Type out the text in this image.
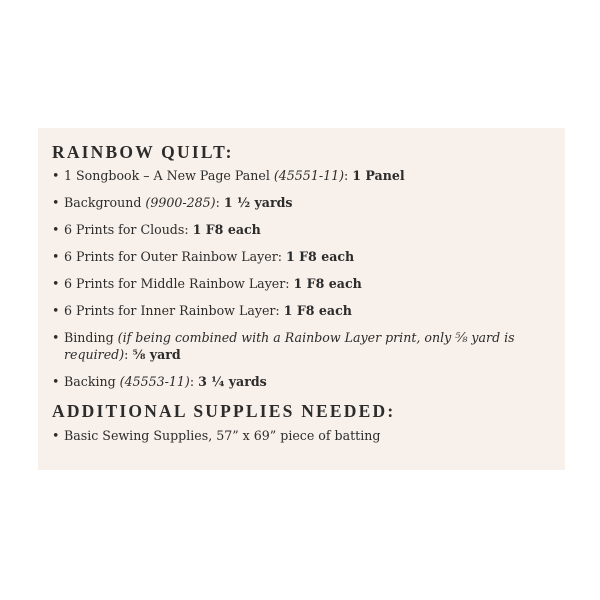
RAINBOW QUILT:
• 1 Songbook – A New Page Panel (45551-11): 1 Panel
• Background (9900-285): 1 ½ yards
• 6 Prints for Clouds: 1 F8 each
• 6 Prints for Outer Rainbow Layer: 1 F8 each
• 6 Prints for Middle Rainbow Layer: 1 F8 each
• 6 Prints for Inner Rainbow Layer: 1 F8 each
• Binding (if being combined with a Rainbow Layer print, only ⅝ yard is required): ⅝ yard
• Backing (45553-11): 3 ¼ yards
ADDITIONAL SUPPLIES NEEDED:
• Basic Sewing Supplies, 57” x 69” piece of batting
